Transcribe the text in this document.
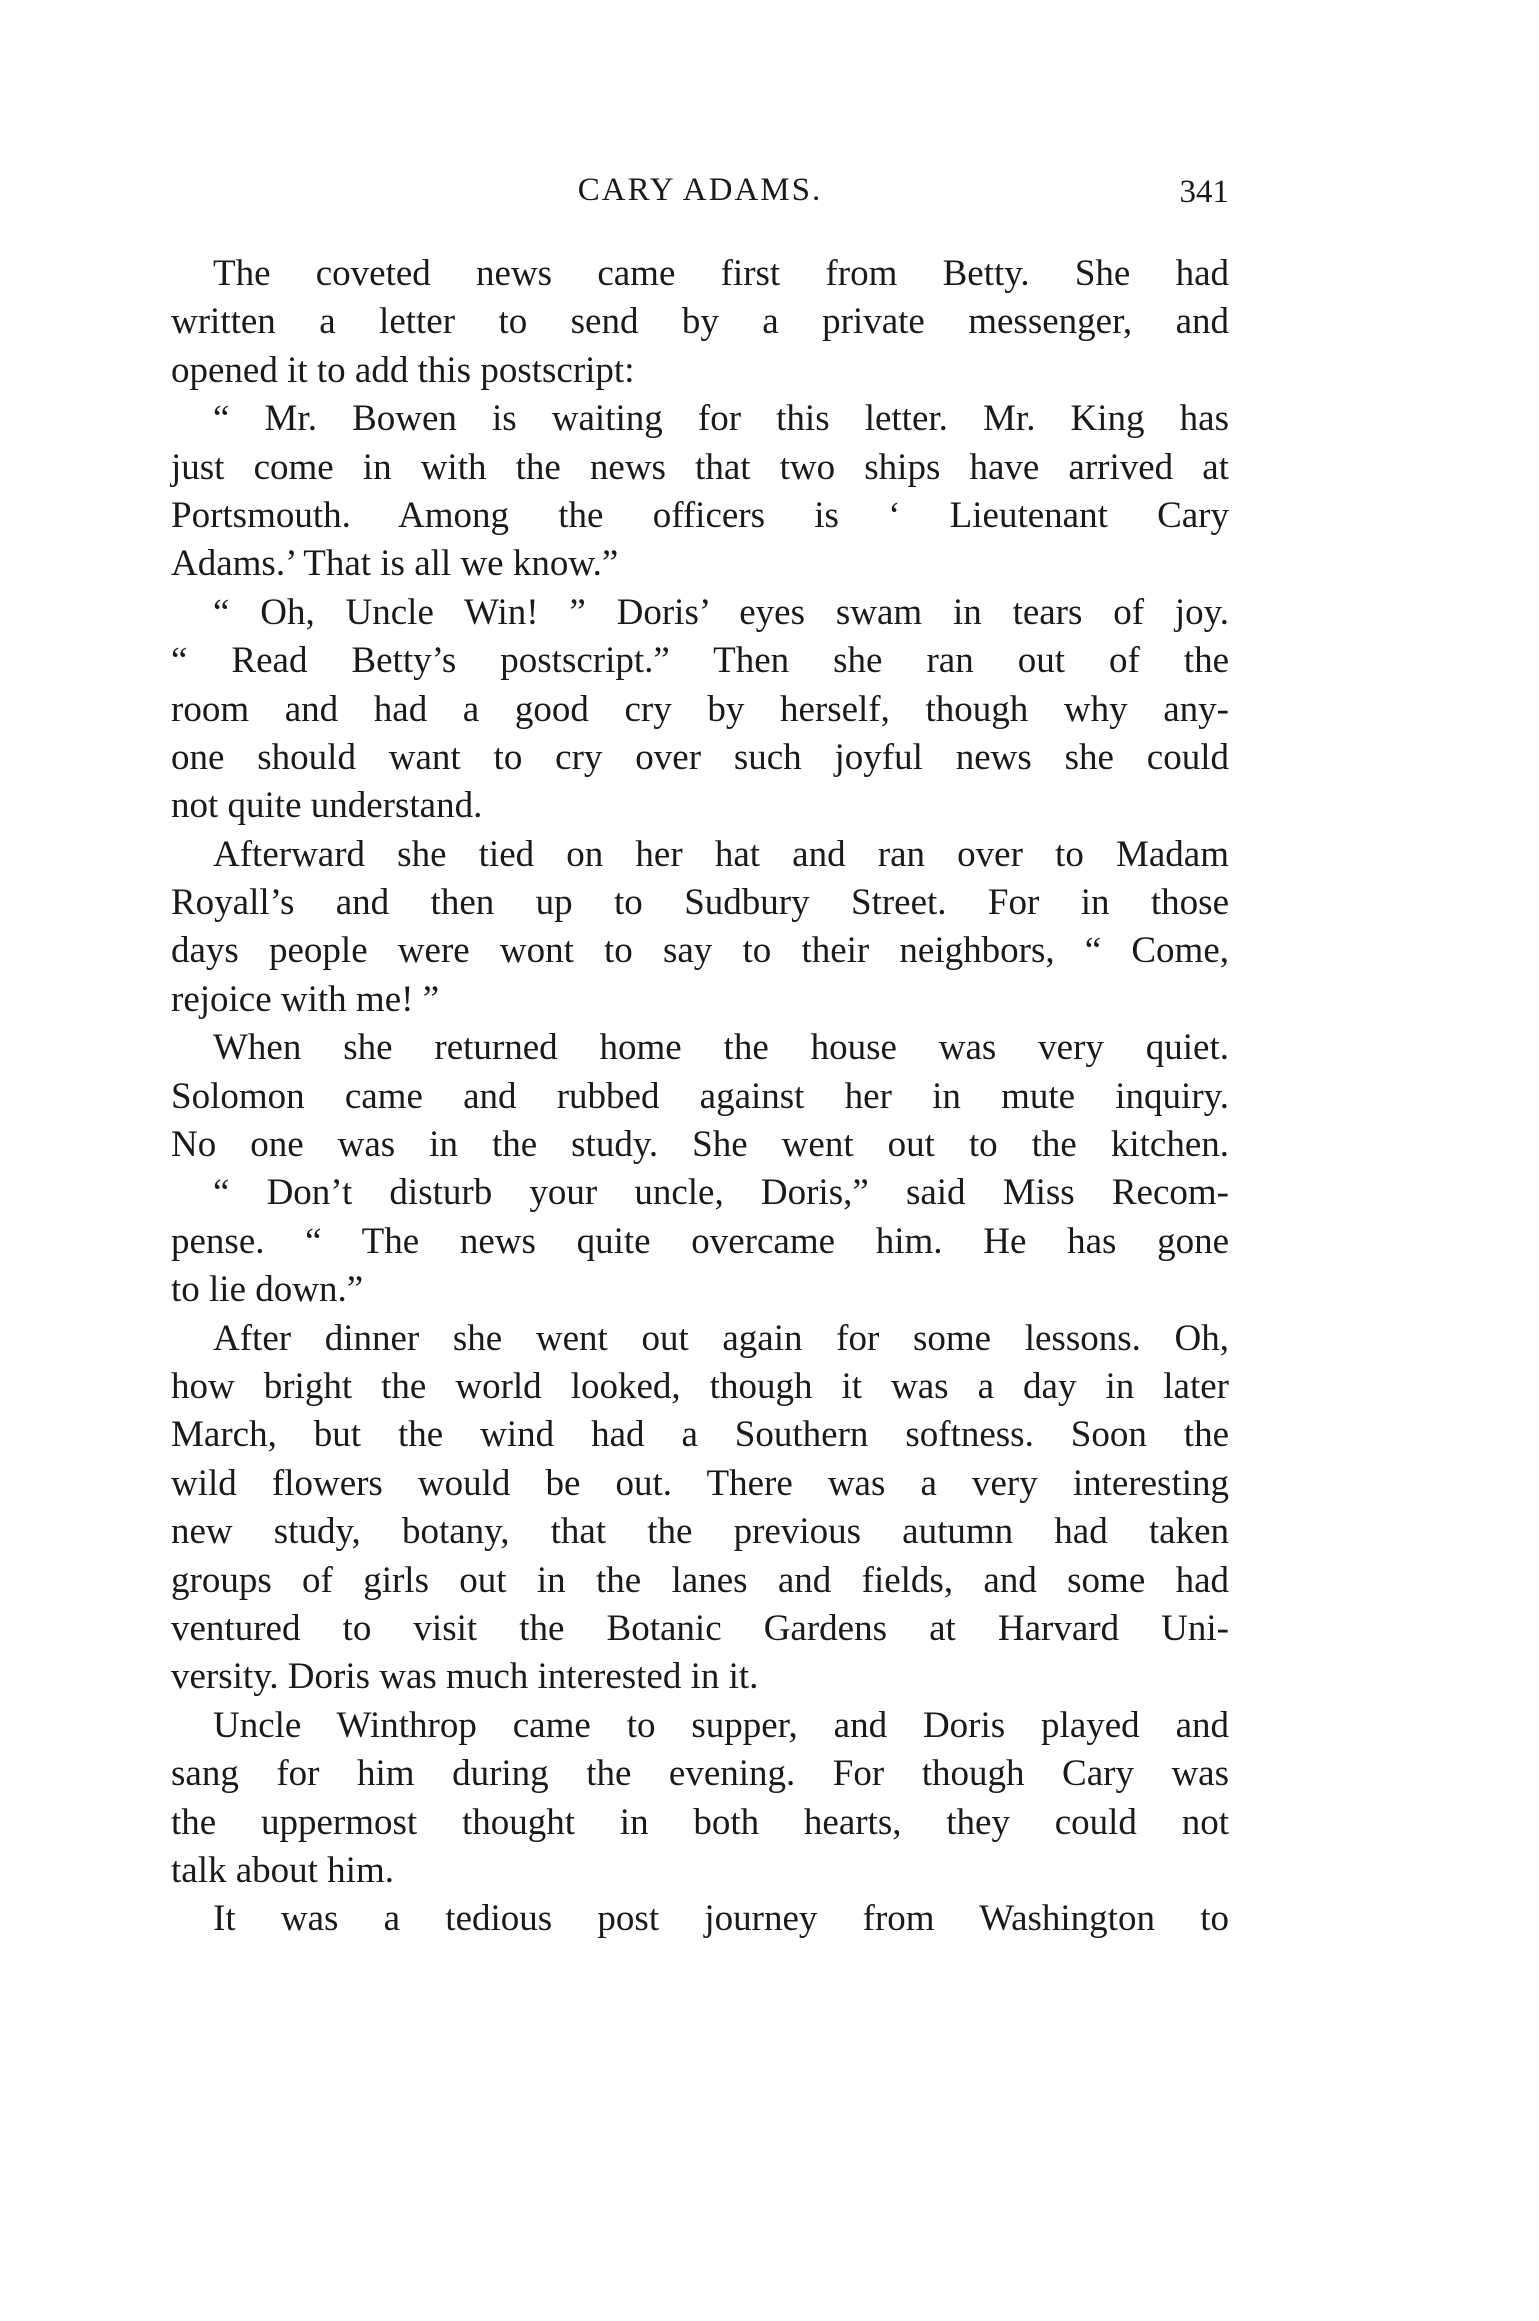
CARY ADAMS.	341
The coveted news came first from Betty. She had
written a letter to send by a private messenger, and
opened it to add this postscript:
“ Mr. Bowen is waiting for this letter. Mr. King has
just come in with the news that two ships have arrived at
Portsmouth. Among the officers is ‘ Lieutenant Cary
Adams.’ That is all we know.”
“ Oh, Uncle Win! ” Doris’ eyes swam in tears of joy.
“ Read Betty’s postscript.” Then she ran out of the
room and had a good cry by herself, though why any-
one should want to cry over such joyful news she could
not quite understand.
Afterward she tied on her hat and ran over to Madam
Royall’s and then up to Sudbury Street. For in those
days people were wont to say to their neighbors, “ Come,
rejoice with me! ”
When she returned home the house was very quiet.
Solomon came and rubbed against her in mute inquiry.
No one was in the study. She went out to the kitchen.
“ Don’t disturb your uncle, Doris,” said Miss Recom-
pense. “ The news quite overcame him. He has gone
to lie down.”
After dinner she went out again for some lessons. Oh,
how bright the world looked, though it was a day in later
March, but the wind had a Southern softness. Soon the
wild flowers would be out. There was a very interesting
new study, botany, that the previous autumn had taken
groups of girls out in the lanes and fields, and some had
ventured to visit the Botanic Gardens at Harvard Uni-
versity. Doris was much interested in it.
Uncle Winthrop came to supper, and Doris played and
sang for him during the evening. For though Cary was
the uppermost thought in both hearts, they could not
talk about him.
It was a tedious post journey from Washington to
